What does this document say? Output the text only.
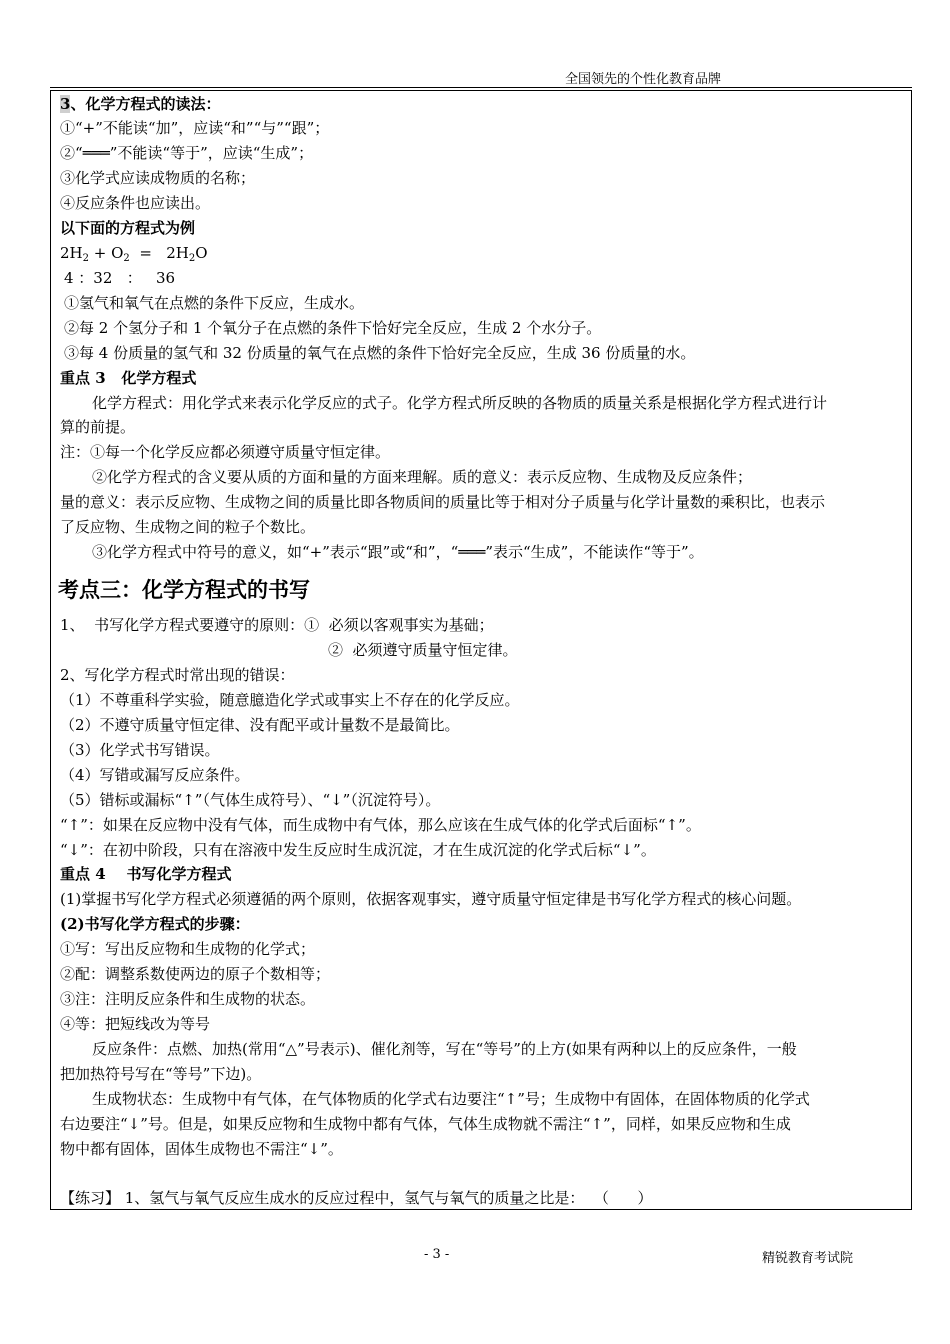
全国领先的个性化教育品牌
3、化学方程式的读法：
①“+”不能读“加”，应读“和”“与”“跟”；
②“═══”不能读“等于”，应读“生成”；
③化学式应读成物质的名称；
④反应条件也应读出。
以下面的方程式为例
$2H_2 + O_2 = 2H_2O$
4 ：32   ：   36
①氢气和氧气在点燃的条件下反应，生成水。
②每 2 个氢分子和 1 个氧分子在点燃的条件下恰好完全反应，生成 2 个水分子。
③每 4 份质量的氢气和 32 份质量的氧气在点燃的条件下恰好完全反应，生成 36 份质量的水。
重点 3   化学方程式
化学方程式：用化学式来表示化学反应的式子。化学方程式所反映的各物质的质量关系是根据化学方程式进行计
算的前提。
注：①每一个化学反应都必须遵守质量守恒定律。
②化学方程式的含义要从质的方面和量的方面来理解。质的意义：表示反应物、生成物及反应条件；
量的意义：表示反应物、生成物之间的质量比即各物质间的质量比等于相对分子质量与化学计量数的乘积比，也表示
了反应物、生成物之间的粒子个数比。
③化学方程式中符号的意义，如“+”表示“跟”或“和”，“═══”表示“生成”，不能读作“等于”。
考点三：化学方程式的书写
1、  书写化学方程式要遵守的原则：①  必须以客观事实为基础；
②  必须遵守质量守恒定律。
2、写化学方程式时常出现的错误：
（1）不尊重科学实验，随意臆造化学式或事实上不存在的化学反应。
（2）不遵守质量守恒定律、没有配平或计量数不是最简比。
（3）化学式书写错误。
（4）写错或漏写反应条件。
（5）错标或漏标“↑”（气体生成符号）、“↓”（沉淀符号）。
“↑”：如果在反应物中没有气体，而生成物中有气体，那么应该在生成气体的化学式后面标“↑”。
“↓”：在初中阶段，只有在溶液中发生反应时生成沉淀，才在生成沉淀的化学式后标“↓”。
重点 4    书写化学方程式
(1)掌握书写化学方程式必须遵循的两个原则，依据客观事实，遵守质量守恒定律是书写化学方程式的核心问题。
(2)书写化学方程式的步骤：
①写：写出反应物和生成物的化学式；
②配：调整系数使两边的原子个数相等；
③注：注明反应条件和生成物的状态。
④等：把短线改为等号
反应条件：点燃、加热(常用“△”号表示)、催化剂等，写在“等号”的上方(如果有两种以上的反应条件，一般
把加热符号写在“等号”下边)。
生成物状态：生成物中有气体，在气体物质的化学式右边要注“↑”号；生成物中有固体，在固体物质的化学式
右边要注“↓”号。但是，如果反应物和生成物中都有气体，气体生成物就不需注“↑”，同样，如果反应物和生成
物中都有固体，固体生成物也不需注“↓”。
【练习】 1、氢气与氧气反应生成水的反应过程中，氢气与氧气的质量之比是：  （      ）
- 3 -	精锐教育考试院
